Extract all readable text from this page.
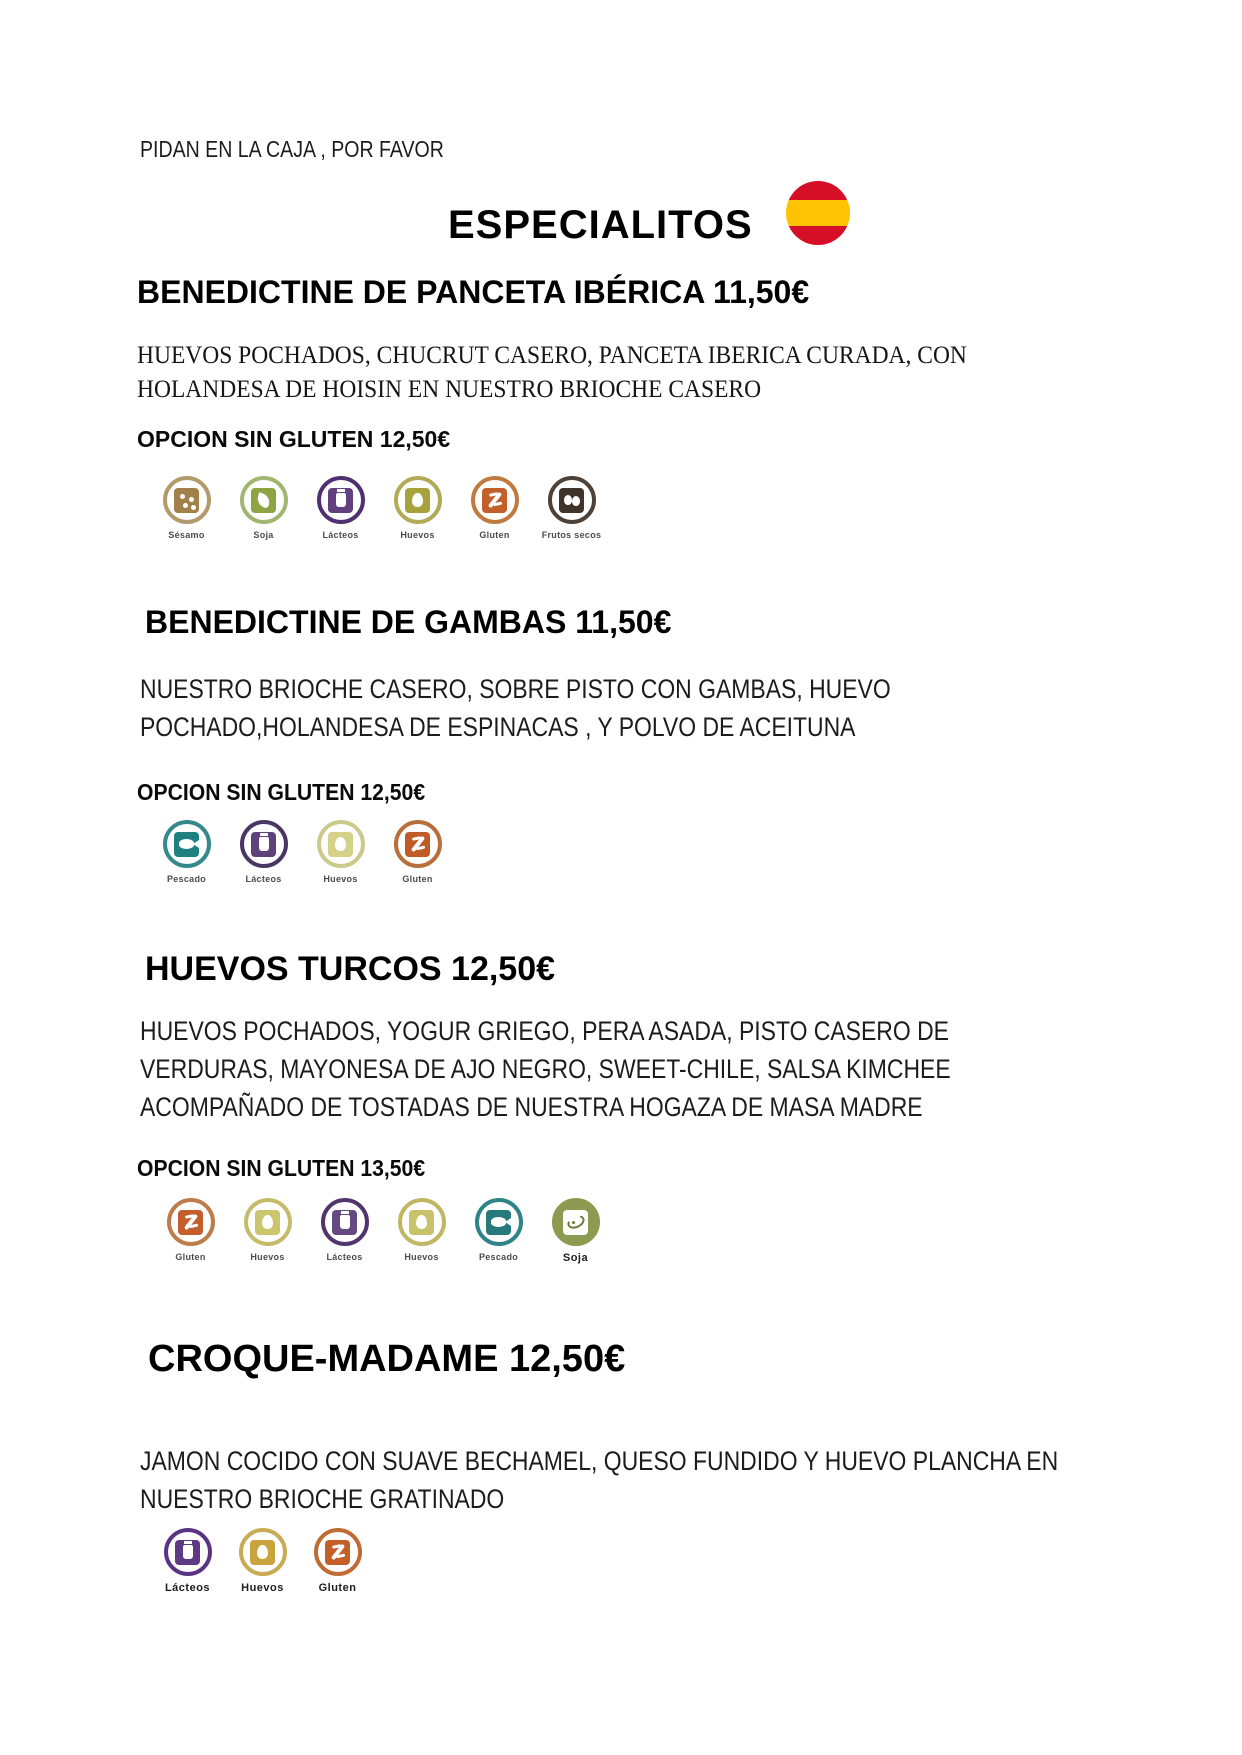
PIDAN EN LA CAJA , POR FAVOR
ESPECIALITOS
BENEDICTINE DE PANCETA IBÉRICA 11,50€
HUEVOS POCHADOS, CHUCRUT CASERO, PANCETA IBERICA CURADA, CON
HOLANDESA DE HOISIN EN NUESTRO BRIOCHE CASERO
OPCION SIN GLUTEN 12,50€
Sésamo	Soja	Lácteos	Huevos	Gluten	Frutos secos
BENEDICTINE DE GAMBAS 11,50€
NUESTRO BRIOCHE CASERO, SOBRE PISTO CON GAMBAS, HUEVO
POCHADO,HOLANDESA DE ESPINACAS , Y POLVO DE ACEITUNA
OPCION SIN GLUTEN 12,50€
Pescado	Lácteos	Huevos	Gluten
HUEVOS TURCOS 12,50€
HUEVOS POCHADOS, YOGUR GRIEGO, PERA ASADA, PISTO CASERO DE
VERDURAS, MAYONESA DE AJO NEGRO, SWEET-CHILE, SALSA KIMCHEE
ACOMPAÑADO DE TOSTADAS DE NUESTRA HOGAZA DE MASA MADRE
OPCION SIN GLUTEN 13,50€
Gluten	Huevos	Lácteos	Huevos	Pescado	Soja
CROQUE-MADAME 12,50€
JAMON COCIDO CON SUAVE BECHAMEL, QUESO FUNDIDO Y HUEVO PLANCHA EN
NUESTRO BRIOCHE GRATINADO
Lácteos	Huevos	Gluten
